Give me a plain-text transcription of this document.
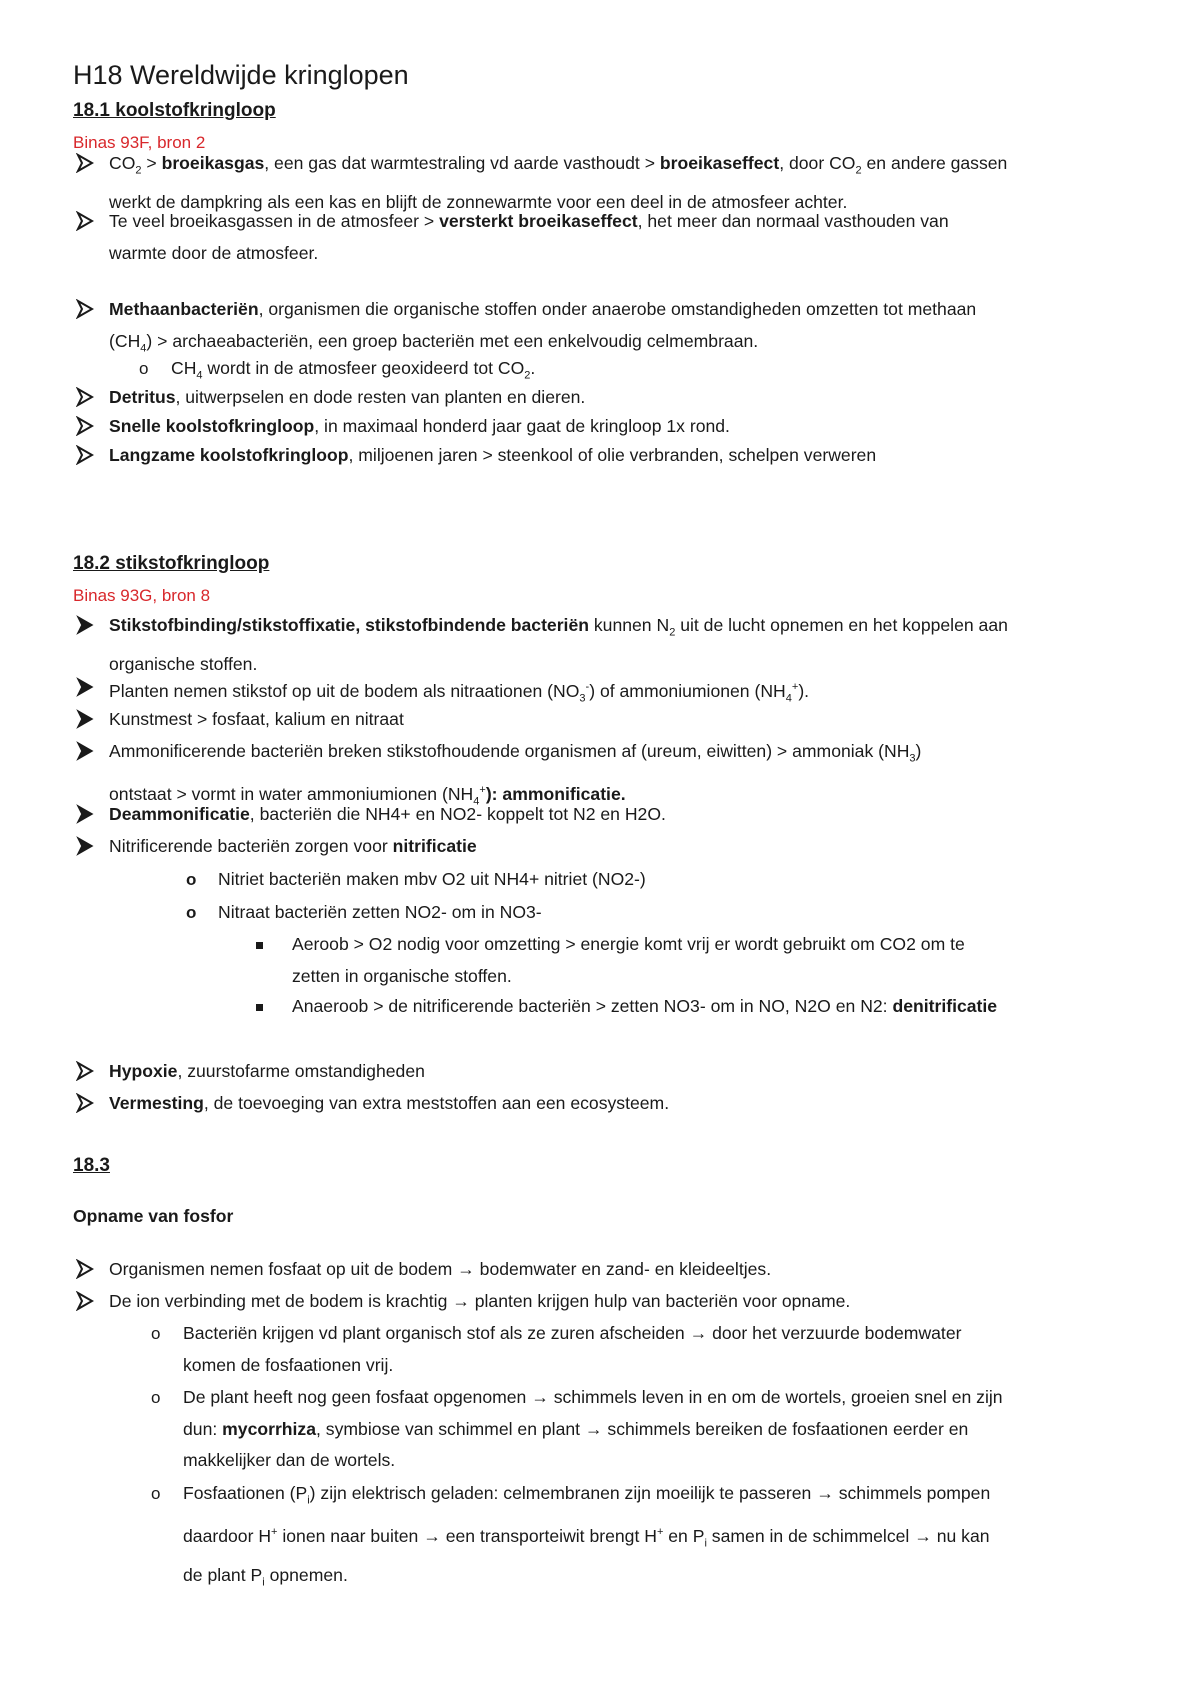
H18 Wereldwijde kringlopen
18.1 koolstofkringloop
Binas 93F, bron 2
$CO_2$ > broeikasgas, een gas dat warmtestraling vd aarde vasthoudt > broeikaseffect, door $CO_2$ en andere gassen
werkt de dampkring als een kas en blijft de zonnewarmte voor een deel in de atmosfeer achter.
Te veel broeikasgassen in de atmosfeer > versterkt broeikaseffect, het meer dan normaal vasthouden van
warmte door de atmosfeer.
Methaanbacteriën, organismen die organische stoffen onder anaerobe omstandigheden omzetten tot methaan
$(CH_4)$ > archaeabacteriën, een groep bacteriën met een enkelvoudig celmembraan.
o $CH_4$ wordt in de atmosfeer geoxideerd tot $CO_2$.
Detritus, uitwerpselen en dode resten van planten en dieren.
Snelle koolstofkringloop, in maximaal honderd jaar gaat de kringloop 1x rond.
Langzame koolstofkringloop, miljoenen jaren > steenkool of olie verbranden, schelpen verweren
18.2 stikstofkringloop
Binas 93G, bron 8
Stikstofbinding/stikstoffixatie, stikstofbindende bacteriën kunnen $N_2$ uit de lucht opnemen en het koppelen aan
organische stoffen.
Planten nemen stikstof op uit de bodem als nitraationen $(NO_3^-)$ of ammoniumionen $(NH_4^+)$.
Kunstmest > fosfaat, kalium en nitraat
Ammonificerende bacteriën breken stikstofhoudende organismen af (ureum, eiwitten) > ammoniak $(NH_3)$
ontstaat > vormt in water ammoniumionen $(NH_4^+)$: ammonificatie.
Deammonificatie, bacteriën die NH4+ en NO2- koppelt tot N2 en H2O.
Nitrificerende bacteriën zorgen voor nitrificatie
o Nitriet bacteriën maken mbv O2 uit NH4+ nitriet (NO2-)
o Nitraat bacteriën zetten NO2- om in NO3-
Aeroob > O2 nodig voor omzetting > energie komt vrij er wordt gebruikt om CO2 om te
zetten in organische stoffen.
Anaeroob > de nitrificerende bacteriën > zetten NO3- om in NO, N2O en N2: denitrificatie
Hypoxie, zuurstofarme omstandigheden
Vermesting, de toevoeging van extra meststoffen aan een ecosysteem.
18.3
Opname van fosfor
Organismen nemen fosfaat op uit de bodem → bodemwater en zand- en kleideeltjes.
De ion verbinding met de bodem is krachtig → planten krijgen hulp van bacteriën voor opname.
o Bacteriën krijgen vd plant organisch stof als ze zuren afscheiden → door het verzuurde bodemwater
komen de fosfaationen vrij.
o De plant heeft nog geen fosfaat opgenomen → schimmels leven in en om de wortels, groeien snel en zijn
dun: mycorrhiza, symbiose van schimmel en plant → schimmels bereiken de fosfaationen eerder en
makkelijker dan de wortels.
o Fosfaationen $(P_i)$ zijn elektrisch geladen: celmembranen zijn moeilijk te passeren → schimmels pompen
daardoor H+ ionen naar buiten → een transporteiwit brengt H+ en $P_i$ samen in de schimmelcel → nu kan
de plant $P_i$ opnemen.
